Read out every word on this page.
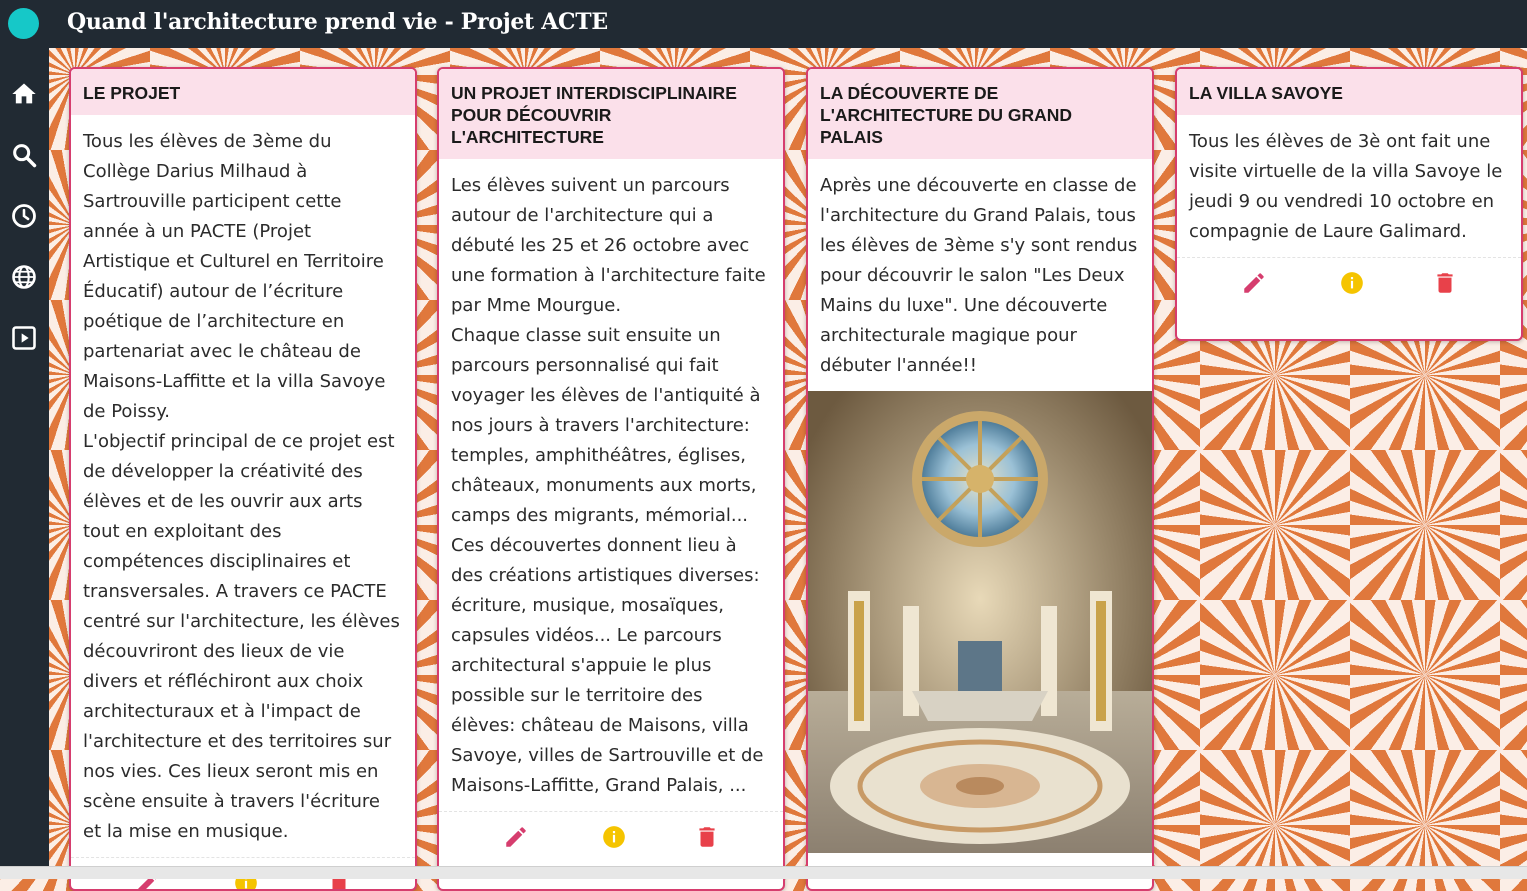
Quand l'architecture prend vie - Projet ACTE
LE PROJET
Tous les élèves de 3ème du Collège Darius Milhaud à Sartrouville participent cette année à un PACTE (Projet Artistique et Culturel en Territoire Éducatif) autour de l’écriture poétique de l’architecture en partenariat avec le château de Maisons-Laffitte et la villa Savoye de Poissy.
L'objectif principal de ce projet est de développer la créativité des élèves et de les ouvrir aux arts tout en exploitant des compétences disciplinaires et transversales. A travers ce PACTE centré sur l'architecture, les élèves découvriront des lieux de vie divers et réfléchiront aux choix architecturaux et à l'impact de l'architecture et des territoires sur nos vies. Ces lieux seront mis en scène ensuite à travers l'écriture et la mise en musique.
UN PROJET INTERDISCIPLINAIRE POUR DÉCOUVRIR L'ARCHITECTURE
Les élèves suivent un parcours autour de l'architecture qui a débuté les 25 et 26 octobre avec une formation à l'architecture faite par Mme Mourgue.
Chaque classe suit ensuite un parcours personnalisé qui fait voyager les élèves de l'antiquité à nos jours à travers l'architecture: temples, amphithéâtres, églises, châteaux, monuments aux morts, camps des migrants, mémorial... Ces découvertes donnent lieu à des créations artistiques diverses: écriture, musique, mosaïques, capsules vidéos... Le parcours architectural s'appuie le plus possible sur le territoire des élèves: château de Maisons, villa Savoye, villes de Sartrouville et de Maisons-Laffitte, Grand Palais, ...
LA DÉCOUVERTE DE L'ARCHITECTURE DU GRAND PALAIS
Après une découverte en classe de l'architecture du Grand Palais, tous les élèves de 3ème s'y sont rendus pour découvrir le salon "Les Deux Mains du luxe". Une découverte architecturale magique pour débuter l'année!!
LA VILLA SAVOYE
Tous les élèves de 3è ont fait une visite virtuelle de la villa Savoye le jeudi 9 ou vendredi 10 octobre en compagnie de Laure Galimard.
